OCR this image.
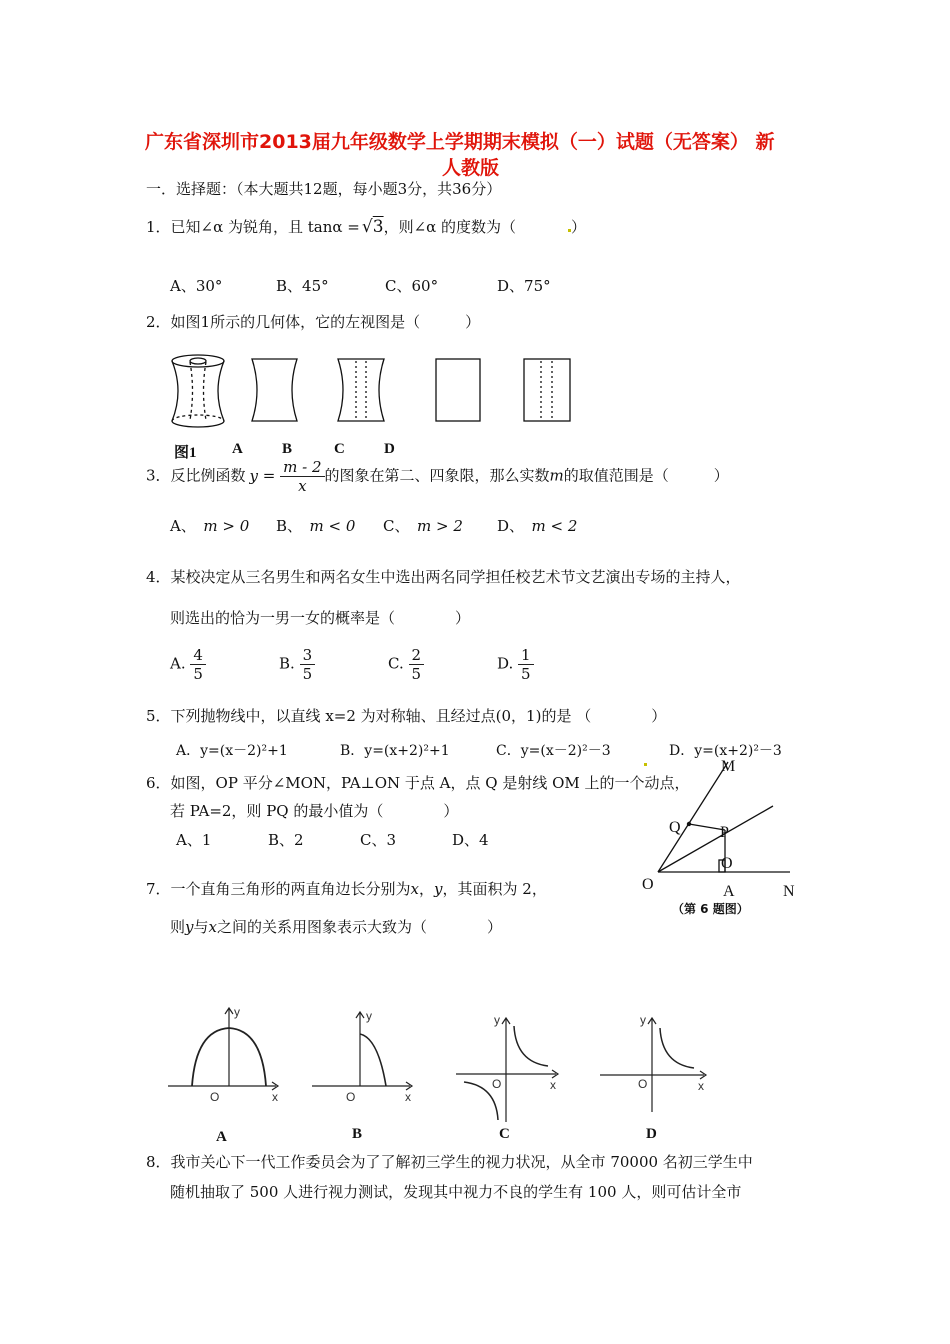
广东省深圳市2013届九年级数学上学期期末模拟（一）试题（无答案） 新
人教版
一．选择题：（本大题共12题，每小题3分，共36分）
1．已知∠α 为锐角，且 tanα = √3，则∠α 的度数为（	）
A、30°	B、45°	C、60°	D、75°
2．如图1所示的几何体，它的左视图是（　　　）
图1 A	B	C	D
3．反比例函数 $y = \frac{m - 2}{x}$ 的图象在第二、四象限，那么实数m的取值范围是（　　　）
A、　 m > 0 B、　 m < 0 C、　 m > 2 D、　 m < 2
4．某校决定从三名男生和两名女生中选出两名同学担任校艺术节文艺演出专场的主持人，
则选出的恰为一男一女的概率是（　　　　）
A. $\frac{4}{5}$	B. $\frac{3}{5}$	C. $\frac{2}{5}$	D. $\frac{1}{5}$
5．下列抛物线中，以直线 x=2 为对称轴、且经过点(0，1)的是 （　　　　）
A．y=(x－2)²+1	B．y=(x+2)²+1	C．y=(x－2)²－3	D．y=(x+2)²－3
6．如图，OP 平分∠MON，PA⊥ON 于点 A，点 Q 是射线 OM 上的一个动点，
若 PA=2，则 PQ 的最小值为（　　　　）
A、1	B、2	C、3	D、4
M
Q P
O
O
A	N
（第 6 题图）
7．一个直角三角形的两直角边长分别为x，y，其面积为 2，
则y与x之间的关系用图象表示大致为（　　　　）
y
x
O
y
x
O
y
x
O
y
x
O
A	B	C	D
8．我市关心下一代工作委员会为了了解初三学生的视力状况，从全市 70000 名初三学生中
随机抽取了 500 人进行视力测试，发现其中视力不良的学生有 100 人，则可估计全市
